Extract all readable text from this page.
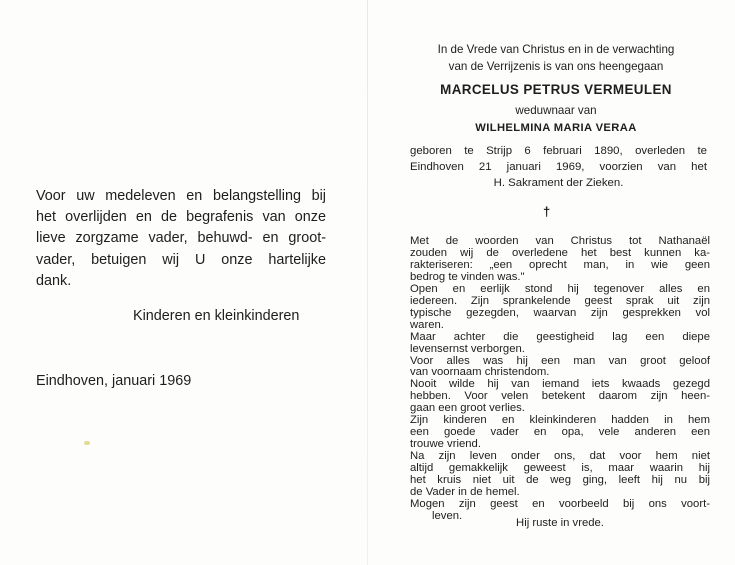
Voor uw medeleven en belangstelling bij
het overlijden en de begrafenis van onze
lieve zorgzame vader, behuwd- en groot-
vader, betuigen wij U onze hartelijke
dank.
Kinderen en kleinkinderen
Eindhoven, januari 1969
In de Vrede van Christus en in de verwachting
van de Verrijzenis is van ons heengegaan
MARCELUS PETRUS VERMEULEN
weduwnaar van
WILHELMINA MARIA VERAA
geboren te Strijp 6 februari 1890, overleden te
Eindhoven 21 januari 1969, voorzien van het
H. Sakrament der Zieken.
†
Met de woorden van Christus tot Nathanaël
zouden wij de overledene het best kunnen ka-
rakteriseren: „een oprecht man, in wie geen
bedrog te vinden was."
Open en eerlijk stond hij tegenover alles en
iedereen. Zijn sprankelende geest sprak uit zijn
typische gezegden, waarvan zijn gesprekken vol
waren.
Maar achter die geestigheid lag een diepe
levensernst verborgen.
Voor alles was hij een man van groot geloof
van voornaam christendom.
Nooit wilde hij van iemand iets kwaads gezegd
hebben. Voor velen betekent daarom zijn heen-
gaan een groot verlies.
Zijn kinderen en kleinkinderen hadden in hem
een goede vader en opa, vele anderen een
trouwe vriend.
Na zijn leven onder ons, dat voor hem niet
altijd gemakkelijk geweest is, maar waarin hij
het kruis niet uit de weg ging, leeft hij nu bij
de Vader in de hemel.
Mogen zijn geest en voorbeeld bij ons voort-
leven.
Hij ruste in vrede.
